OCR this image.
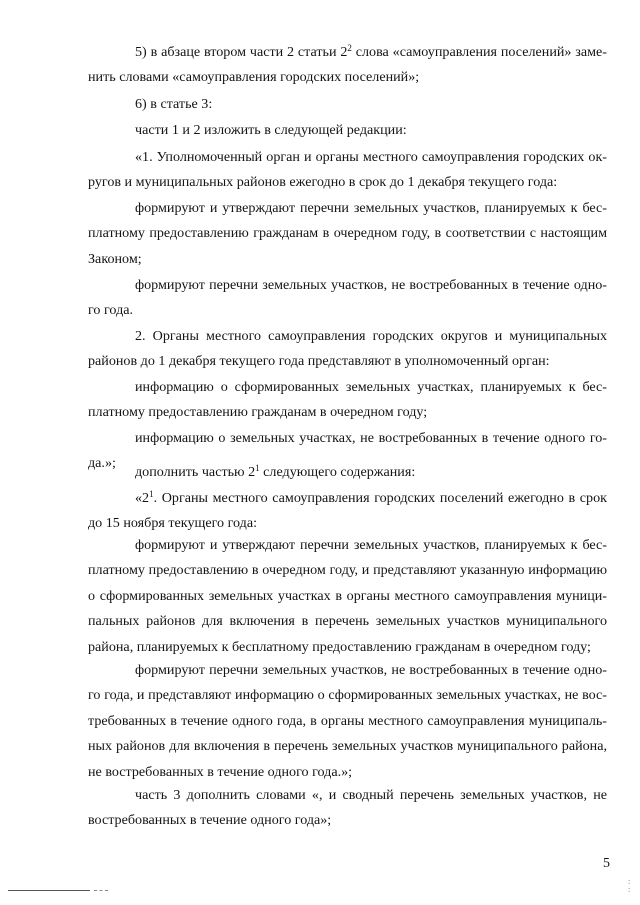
5) в абзаце втором части 2 статьи $2^2$ слова «самоуправления поселений» заме-
нить словами «самоуправления городских поселений»;

6) в статье 3:

части 1 и 2 изложить в следующей редакции:

«1. Уполномоченный орган и органы местного самоуправления городских ок-
ругов и муниципальных районов ежегодно в срок до 1 декабря текущего года:

формируют и утверждают перечни земельных участков, планируемых к бес-
платному предоставлению гражданам в очередном году, в соответствии с настоящим
Законом;

формируют перечни земельных участков, не востребованных в течение одно-
го года.

2. Органы местного самоуправления городских округов и муниципальных
районов до 1 декабря текущего года представляют в уполномоченный орган:

информацию о сформированных земельных участках, планируемых к бес-
платному предоставлению гражданам в очередном году;

информацию о земельных участках, не востребованных в течение одного го-
да.»;

дополнить частью $2^1$ следующего содержания:

«$2^1$. Органы местного самоуправления городских поселений ежегодно в срок
до 15 ноября текущего года:

формируют и утверждают перечни земельных участков, планируемых к бес-
платному предоставлению в очередном году, и представляют указанную информацию
о сформированных земельных участках в органы местного самоуправления муници-
пальных районов для включения в перечень земельных участков муниципального
района, планируемых к бесплатному предоставлению гражданам в очередном году;

формируют перечни земельных участков, не востребованных в течение одно-
го года, и представляют информацию о сформированных земельных участках, не вос-
требованных в течение одного года, в органы местного самоуправления муниципаль-
ных районов для включения в перечень земельных участков муниципального района,
не востребованных в течение одного года.»;

часть 3 дополнить словами «, и сводный перечень земельных участков, не
востребованных в течение одного года»;

5
:
:
